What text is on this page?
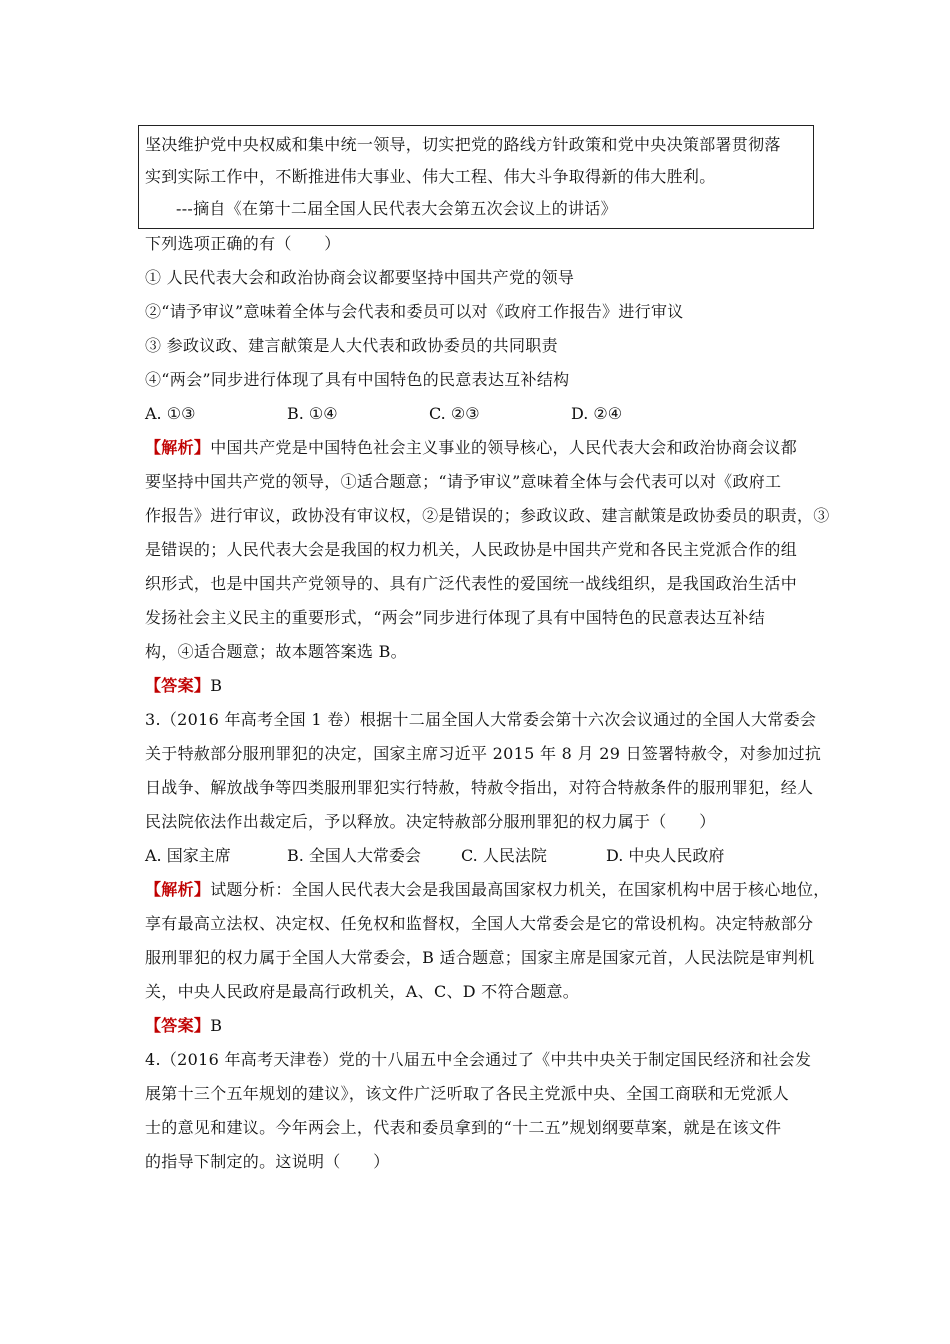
坚决维护党中央权威和集中统一领导，切实把党的路线方针政策和党中央决策部署贯彻落
实到实际工作中，不断推进伟大事业、伟大工程、伟大斗争取得新的伟大胜利。
---摘自《在第十二届全国人民代表大会第五次会议上的讲话》
下列选项正确的有（　　）
① 人民代表大会和政治协商会议都要坚持中国共产党的领导
②“请予审议”意味着全体与会代表和委员可以对《政府工作报告》进行审议
③ 参政议政、建言献策是人大代表和政协委员的共同职责
④“两会”同步进行体现了具有中国特色的民意表达互补结构
A. ①③	B. ①④	C. ②③	D. ②④
【解析】中国共产党是中国特色社会主义事业的领导核心，人民代表大会和政治协商会议都
要坚持中国共产党的领导，①适合题意；“请予审议”意味着全体与会代表可以对《政府工
作报告》进行审议，政协没有审议权，②是错误的；参政议政、建言献策是政协委员的职责，③
是错误的；人民代表大会是我国的权力机关，人民政协是中国共产党和各民主党派合作的组
织形式，也是中国共产党领导的、具有广泛代表性的爱国统一战线组织，是我国政治生活中
发扬社会主义民主的重要形式，“两会”同步进行体现了具有中国特色的民意表达互补结
构，④适合题意；故本题答案选 B。
【答案】B
3.（2016 年高考全国 1 卷）根据十二届全国人大常委会第十六次会议通过的全国人大常委会
关于特赦部分服刑罪犯的决定，国家主席习近平 2015 年 8 月 29 日签署特赦令，对参加过抗
日战争、解放战争等四类服刑罪犯实行特赦，特赦令指出，对符合特赦条件的服刑罪犯，经人
民法院依法作出裁定后，予以释放。决定特赦部分服刑罪犯的权力属于（　　）
A. 国家主席	B. 全国人大常委会	C. 人民法院	D. 中央人民政府
【解析】试题分析：全国人民代表大会是我国最高国家权力机关，在国家机构中居于核心地位，
享有最高立法权、决定权、任免权和监督权，全国人大常委会是它的常设机构。决定特赦部分
服刑罪犯的权力属于全国人大常委会，B 适合题意；国家主席是国家元首，人民法院是审判机
关，中央人民政府是最高行政机关，A、C、D 不符合题意。
【答案】B
4.（2016 年高考天津卷）党的十八届五中全会通过了《中共中央关于制定国民经济和社会发
展第十三个五年规划的建议》，该文件广泛听取了各民主党派中央、全国工商联和无党派人
士的意见和建议。今年两会上，代表和委员拿到的“十二五”规划纲要草案，就是在该文件
的指导下制定的。这说明（　　）
